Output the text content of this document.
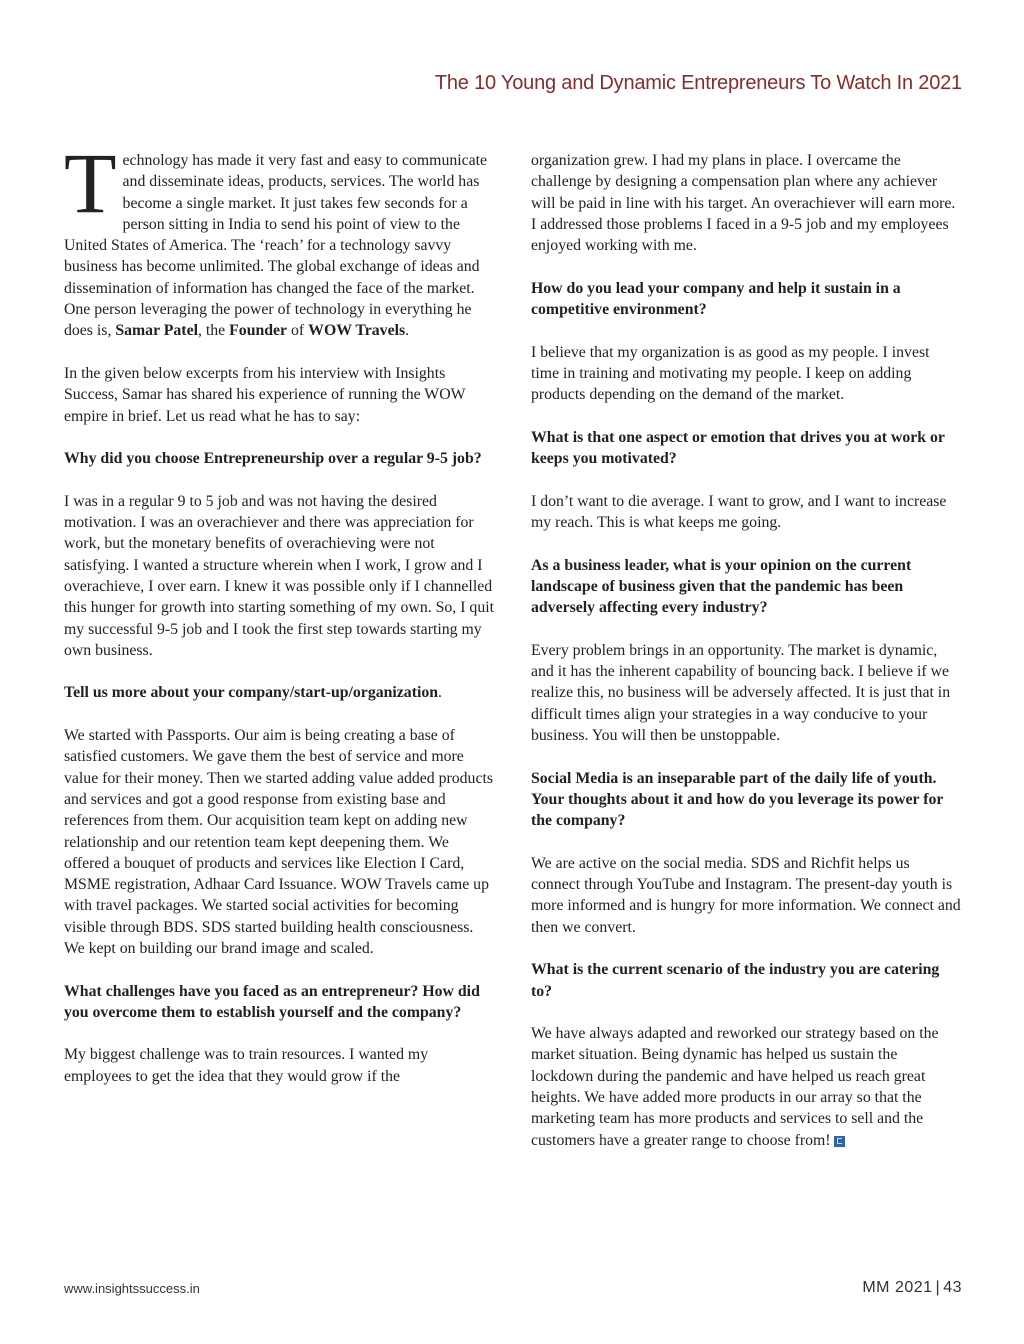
The 10 Young and Dynamic Entrepreneurs To Watch In 2021

Technology has made it very fast and easy to communicate and disseminate ideas, products, services. The world has become a single market. It just takes few seconds for a person sitting in India to send his point of view to the United States of America. The ‘reach’ for a technology savvy business has become unlimited. The global exchange of ideas and dissemination of information has changed the face of the market. One person leveraging the power of technology in everything he does is, Samar Patel, the Founder of WOW Travels.

In the given below excerpts from his interview with Insights Success, Samar has shared his experience of running the WOW empire in brief. Let us read what he has to say:

Why did you choose Entrepreneurship over a regular 9-5 job?

I was in a regular 9 to 5 job and was not having the desired motivation. I was an overachiever and there was appreciation for work, but the monetary benefits of overachieving were not satisfying. I wanted a structure wherein when I work, I grow and I overachieve, I over earn. I knew it was possible only if I channelled this hunger for growth into starting something of my own. So, I quit my successful 9-5 job and I took the first step towards starting my own business.

Tell us more about your company/start-up/organization.

We started with Passports. Our aim is being creating a base of satisfied customers. We gave them the best of service and more value for their money. Then we started adding value added products and services and got a good response from existing base and references from them. Our acquisition team kept on adding new relationship and our retention team kept deepening them. We offered a bouquet of products and services like Election I Card, MSME registration, Adhaar Card Issuance. WOW Travels came up with travel packages. We started social activities for becoming visible through BDS. SDS started building health consciousness. We kept on building our brand image and scaled.

What challenges have you faced as an entrepreneur? How did you overcome them to establish yourself and the company?

My biggest challenge was to train resources. I wanted my employees to get the idea that they would grow if the

organization grew. I had my plans in place. I overcame the challenge by designing a compensation plan where any achiever will be paid in line with his target. An overachiever will earn more. I addressed those problems I faced in a 9-5 job and my employees enjoyed working with me.

How do you lead your company and help it sustain in a competitive environment?

I believe that my organization is as good as my people. I invest time in training and motivating my people. I keep on adding products depending on the demand of the market.

What is that one aspect or emotion that drives you at work or keeps you motivated?

I don’t want to die average. I want to grow, and I want to increase my reach. This is what keeps me going.

As a business leader, what is your opinion on the current landscape of business given that the pandemic has been adversely affecting every industry?

Every problem brings in an opportunity. The market is dynamic, and it has the inherent capability of bouncing back. I believe if we realize this, no business will be adversely affected. It is just that in difficult times align your strategies in a way conducive to your business. You will then be unstoppable.

Social Media is an inseparable part of the daily life of youth. Your thoughts about it and how do you leverage its power for the company?

We are active on the social media. SDS and Richfit helps us connect through YouTube and Instagram. The present-day youth is more informed and is hungry for more information. We connect and then we convert.

What is the current scenario of the industry you are catering to?

We have always adapted and reworked our strategy based on the market situation. Being dynamic has helped us sustain the lockdown during the pandemic and have helped us reach great heights. We have added more products in our array so that the marketing team has more products and services to sell and the customers have a greater range to choose from!

www.insightssuccess.in	MM 2021 | 43
